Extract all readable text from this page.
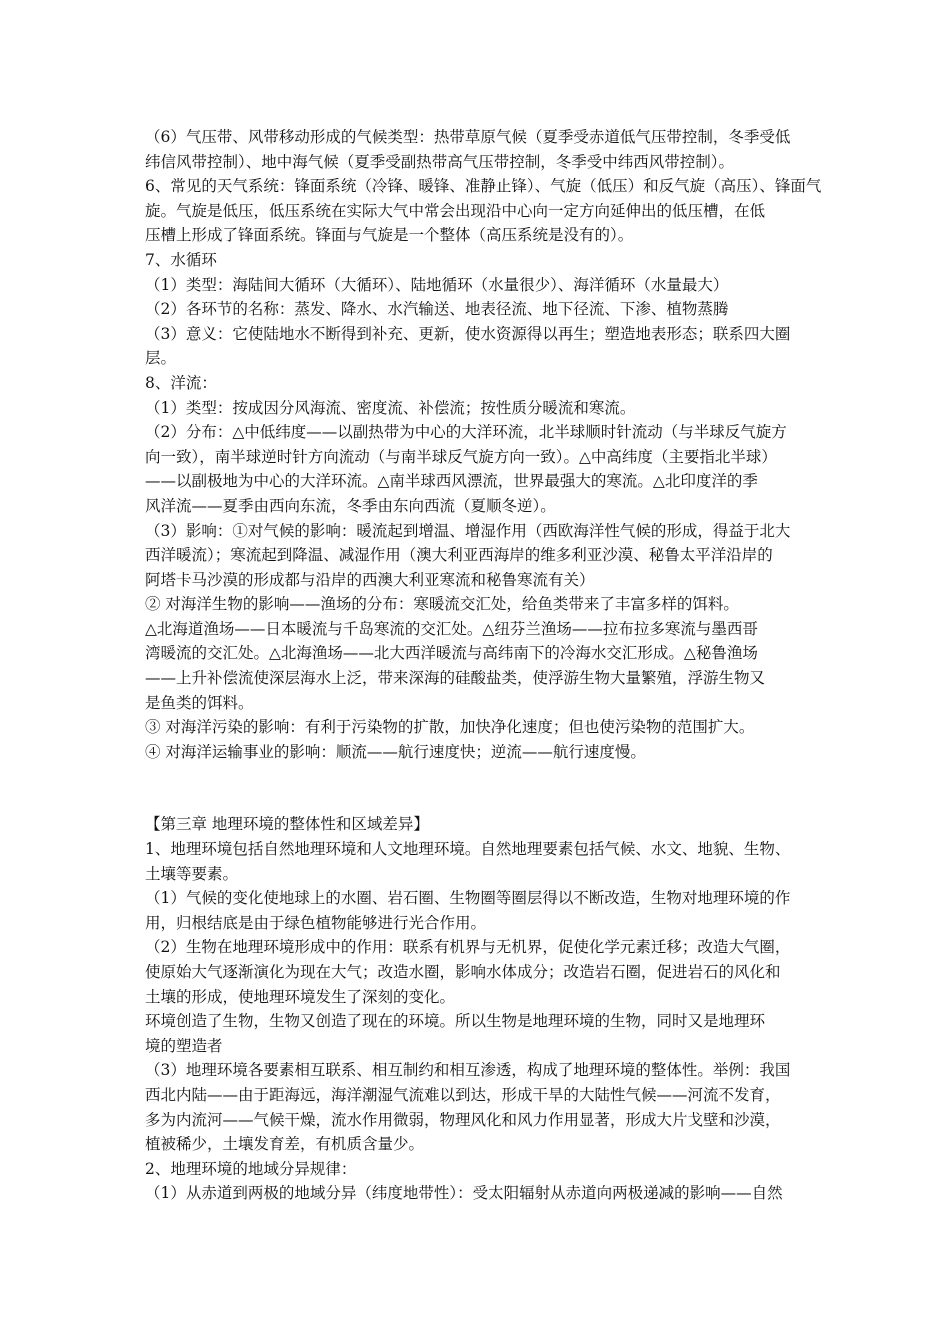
（6）气压带、风带移动形成的气候类型：热带草原气候（夏季受赤道低气压带控制，冬季受低
纬信风带控制）、地中海气候（夏季受副热带高气压带控制，冬季受中纬西风带控制）。
6、常见的天气系统：锋面系统（冷锋、暖锋、准静止锋）、气旋（低压）和反气旋（高压）、锋面气
旋。气旋是低压，低压系统在实际大气中常会出现沿中心向一定方向延伸出的低压槽，在低
压槽上形成了锋面系统。锋面与气旋是一个整体（高压系统是没有的）。
7、水循环
（1）类型：海陆间大循环（大循环）、陆地循环（水量很少）、海洋循环（水量最大）
（2）各环节的名称：蒸发、降水、水汽输送、地表径流、地下径流、下渗、植物蒸腾
（3）意义：它使陆地水不断得到补充、更新，使水资源得以再生；塑造地表形态；联系四大圈
层。
8、洋流：
（1）类型：按成因分风海流、密度流、补偿流；按性质分暖流和寒流。
（2）分布：△中低纬度——以副热带为中心的大洋环流，北半球顺时针流动（与半球反气旋方
向一致），南半球逆时针方向流动（与南半球反气旋方向一致）。△中高纬度（主要指北半球）
——以副极地为中心的大洋环流。△南半球西风漂流，世界最强大的寒流。△北印度洋的季
风洋流——夏季由西向东流，冬季由东向西流（夏顺冬逆）。
（3）影响：①对气候的影响：暖流起到增温、增湿作用（西欧海洋性气候的形成，得益于北大
西洋暖流）；寒流起到降温、减湿作用（澳大利亚西海岸的维多利亚沙漠、秘鲁太平洋沿岸的
阿塔卡马沙漠的形成都与沿岸的西澳大利亚寒流和秘鲁寒流有关）
② 对海洋生物的影响——渔场的分布：寒暖流交汇处，给鱼类带来了丰富多样的饵料。
△北海道渔场——日本暖流与千岛寒流的交汇处。△纽芬兰渔场——拉布拉多寒流与墨西哥
湾暖流的交汇处。△北海渔场——北大西洋暖流与高纬南下的冷海水交汇形成。△秘鲁渔场
——上升补偿流使深层海水上泛，带来深海的硅酸盐类，使浮游生物大量繁殖，浮游生物又
是鱼类的饵料。
③ 对海洋污染的影响：有利于污染物的扩散，加快净化速度；但也使污染物的范围扩大。
④ 对海洋运输事业的影响：顺流——航行速度快；逆流——航行速度慢。
【第三章 地理环境的整体性和区域差异】
1、地理环境包括自然地理环境和人文地理环境。自然地理要素包括气候、水文、地貌、生物、
土壤等要素。
（1）气候的变化使地球上的水圈、岩石圈、生物圈等圈层得以不断改造，生物对地理环境的作
用，归根结底是由于绿色植物能够进行光合作用。
（2）生物在地理环境形成中的作用：联系有机界与无机界，促使化学元素迁移；改造大气圈，
使原始大气逐渐演化为现在大气；改造水圈，影响水体成分；改造岩石圈，促进岩石的风化和
土壤的形成，使地理环境发生了深刻的变化。
环境创造了生物，生物又创造了现在的环境。所以生物是地理环境的生物，同时又是地理环
境的塑造者
（3）地理环境各要素相互联系、相互制约和相互渗透，构成了地理环境的整体性。举例：我国
西北内陆——由于距海远，海洋潮湿气流难以到达，形成干旱的大陆性气候——河流不发育，
多为内流河——气候干燥，流水作用微弱，物理风化和风力作用显著，形成大片戈壁和沙漠，
植被稀少，土壤发育差，有机质含量少。
2、地理环境的地域分异规律：
（1）从赤道到两极的地域分异（纬度地带性）：受太阳辐射从赤道向两极递减的影响——自然
